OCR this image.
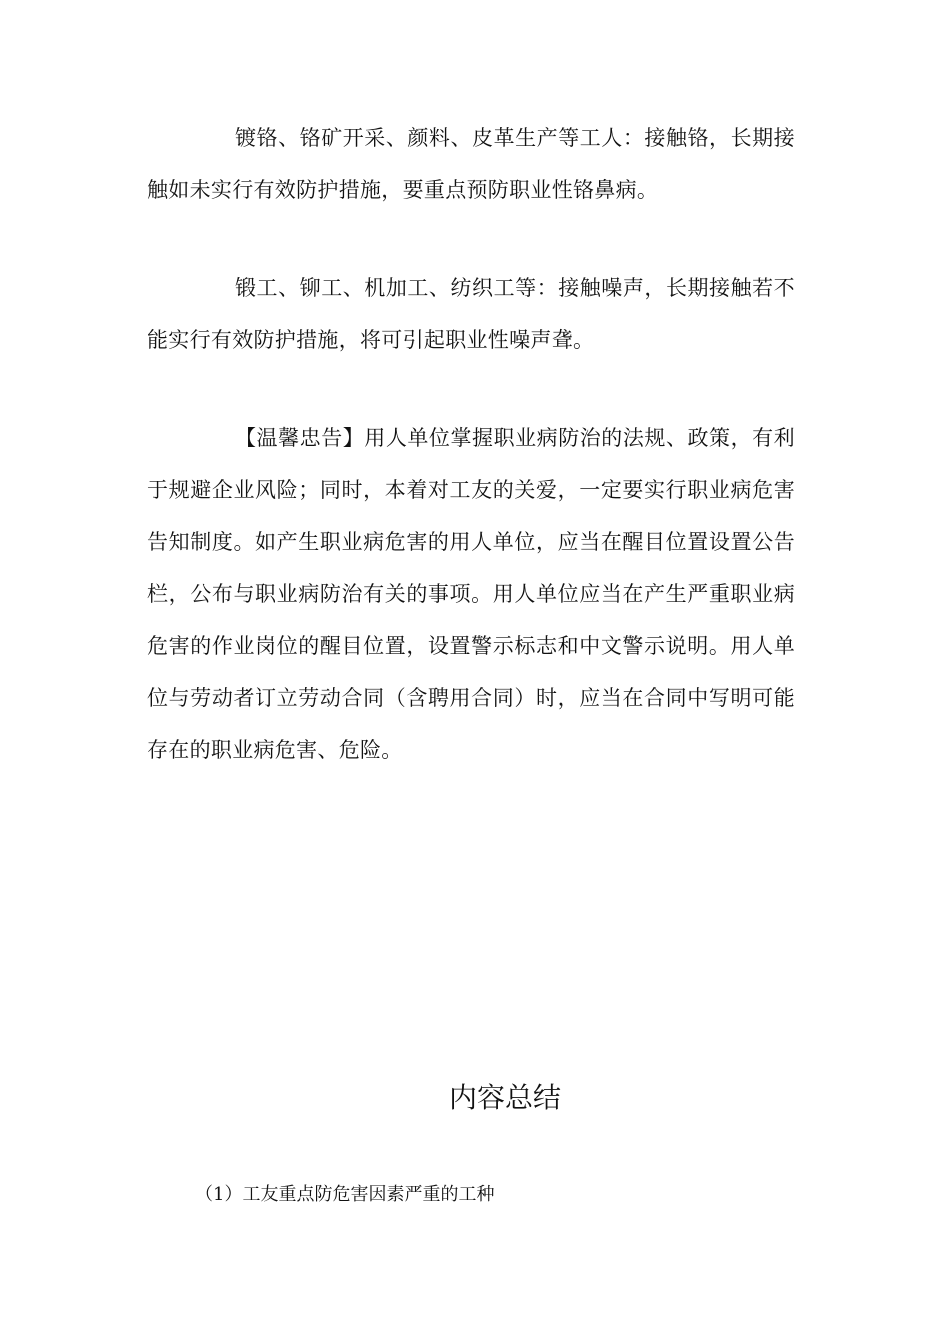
镀铬、铬矿开采、颜料、皮革生产等工人：接触铬，长期接触如未实行有效防护措施，要重点预防职业性铬鼻病。

锻工、铆工、机加工、纺织工等：接触噪声，长期接触若不能实行有效防护措施，将可引起职业性噪声聋。

【温馨忠告】用人单位掌握职业病防治的法规、政策，有利于规避企业风险；同时，本着对工友的关爱，一定要实行职业病危害告知制度。如产生职业病危害的用人单位，应当在醒目位置设置公告栏，公布与职业病防治有关的事项。用人单位应当在产生严重职业病危害的作业岗位的醒目位置，设置警示标志和中文警示说明。用人单位与劳动者订立劳动合同（含聘用合同）时，应当在合同中写明可能存在的职业病危害、危险。

内容总结

（1）工友重点防危害因素严重的工种
